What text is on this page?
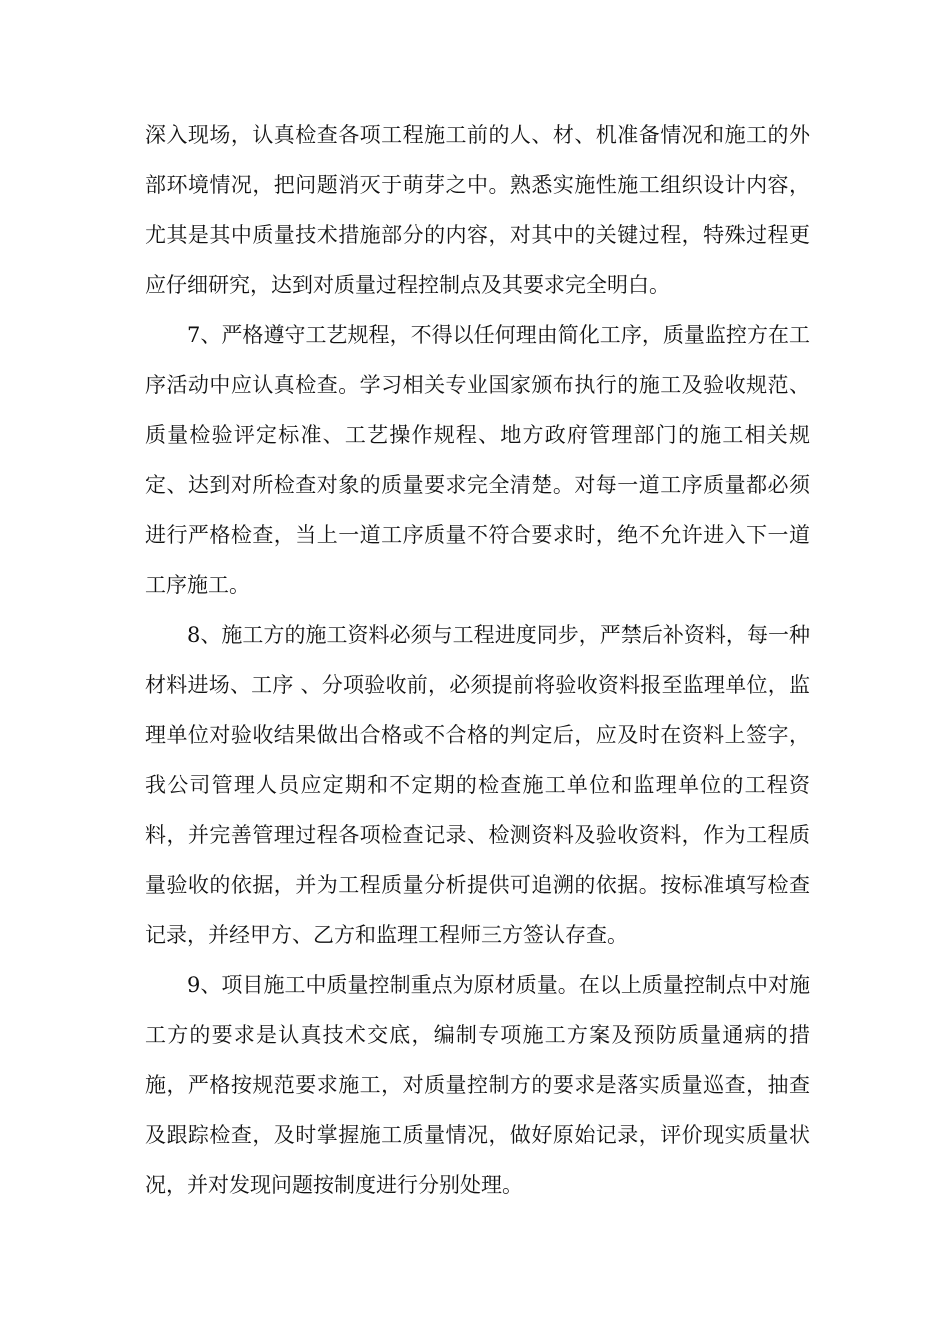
深入现场，认真检查各项工程施工前的人、材、机准备情况和施工的外部环境情况，把问题消灭于萌芽之中。熟悉实施性施工组织设计内容，尤其是其中质量技术措施部分的内容，对其中的关键过程，特殊过程更应仔细研究，达到对质量过程控制点及其要求完全明白。

7、严格遵守工艺规程，不得以任何理由简化工序，质量监控方在工序活动中应认真检查。学习相关专业国家颁布执行的施工及验收规范、质量检验评定标准、工艺操作规程、地方政府管理部门的施工相关规定、达到对所检查对象的质量要求完全清楚。对每一道工序质量都必须进行严格检查，当上一道工序质量不符合要求时，绝不允许进入下一道工序施工。

8、施工方的施工资料必须与工程进度同步，严禁后补资料，每一种材料进场、工序 、分项验收前，必须提前将验收资料报至监理单位，监理单位对验收结果做出合格或不合格的判定后，应及时在资料上签字，我公司管理人员应定期和不定期的检查施工单位和监理单位的工程资料，并完善管理过程各项检查记录、检测资料及验收资料，作为工程质量验收的依据，并为工程质量分析提供可追溯的依据。按标准填写检查记录，并经甲方、乙方和监理工程师三方签认存查。

9、项目施工中质量控制重点为原材质量。在以上质量控制点中对施工方的要求是认真技术交底，编制专项施工方案及预防质量通病的措施，严格按规范要求施工，对质量控制方的要求是落实质量巡查，抽查及跟踪检查，及时掌握施工质量情况，做好原始记录，评价现实质量状况，并对发现问题按制度进行分别处理。
